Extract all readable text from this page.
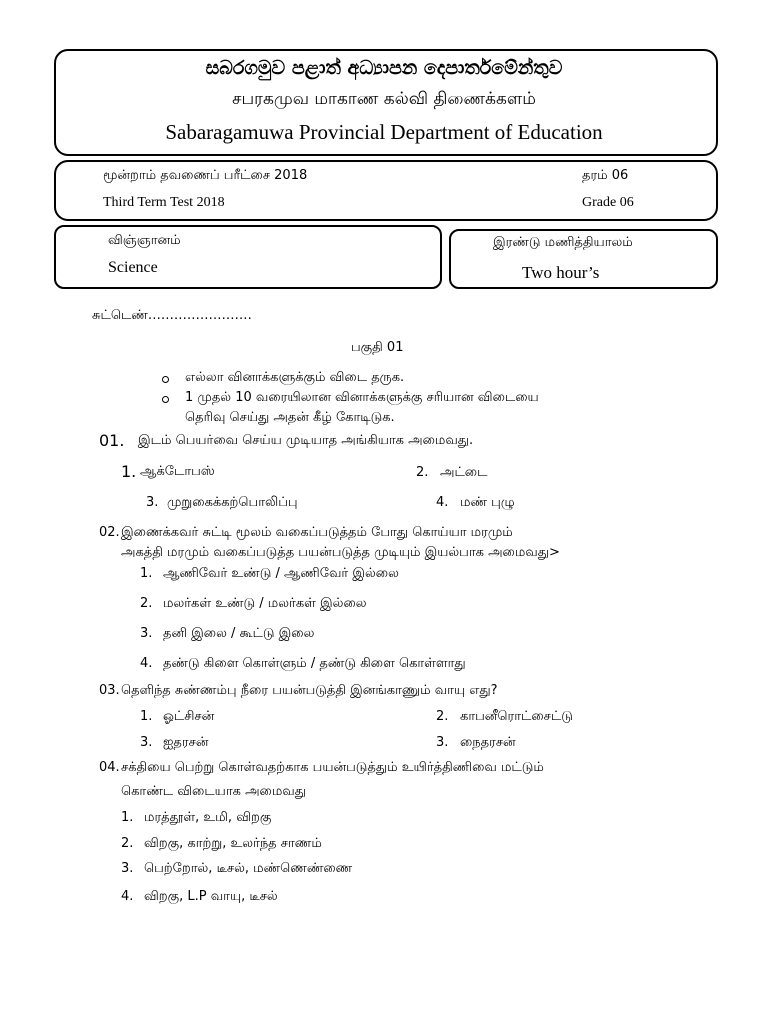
සබරගමුව පළාත් අධ්‍යාපන දෙපාර්තමේන්තුව
சபரகமுவ மாகாண கல்வி திணைக்களம்
Sabaragamuwa Provincial Department of Education
மூன்றாம் தவணைப் பரீட்சை 2018
Third Term Test 2018
தரம் 06
Grade 06
விஞ்ஞானம்
Science
இரண்டு மணித்தியாலம்
Two hour’s
சுட்டெண்……………………
பகுதி 01
எல்லா வினாக்களுக்கும் விடை தருக.
1 முதல் 10 வரையிலான வினாக்களுக்கு சரியான விடையை
தெரிவு செய்து அதன் கீழ் கோடிடுக.
01. இடம் பெயர்வை செய்ய முடியாத அங்கியாக அமைவது.
1. ஆக்டோபஸ்	2. அட்டை
3. முறுகைக்கற்பொலிப்பு	4. மண் புழு
02. இணைக்கவர் சுட்டி மூலம் வகைப்படுத்தம் போது கொய்யா மரமும்
அகத்தி மரமும் வகைப்படுத்த பயன்படுத்த முடியும் இயல்பாக அமைவது>
1. ஆணிவேர் உண்டு / ஆணிவேர் இல்லை
2. மலர்கள் உண்டு / மலர்கள் இல்லை
3. தனி இலை / கூட்டு இலை
4. தண்டு கிளை கொள்ளும் / தண்டு கிளை கொள்ளாது
03. தெளிந்த சுண்ணம்பு நீரை பயன்படுத்தி இனங்காணும் வாயு எது?
1. ஓட்சிசன்	2. காபனீரொட்சைட்டு
3. ஐதரசன்	3. நைதரசன்
04. சக்தியை பெற்று கொள்வதற்காக பயன்படுத்தும் உயிர்த்திணிவை மட்டும்
கொண்ட விடையாக அமைவது
1. மரத்தூள், உமி, விறகு
2. விறகு, காற்று, உலர்ந்த சாணம்
3. பெற்றோல், டீசல், மண்ணெண்ணை
4. விறகு, L.P வாயு, டீசல்
